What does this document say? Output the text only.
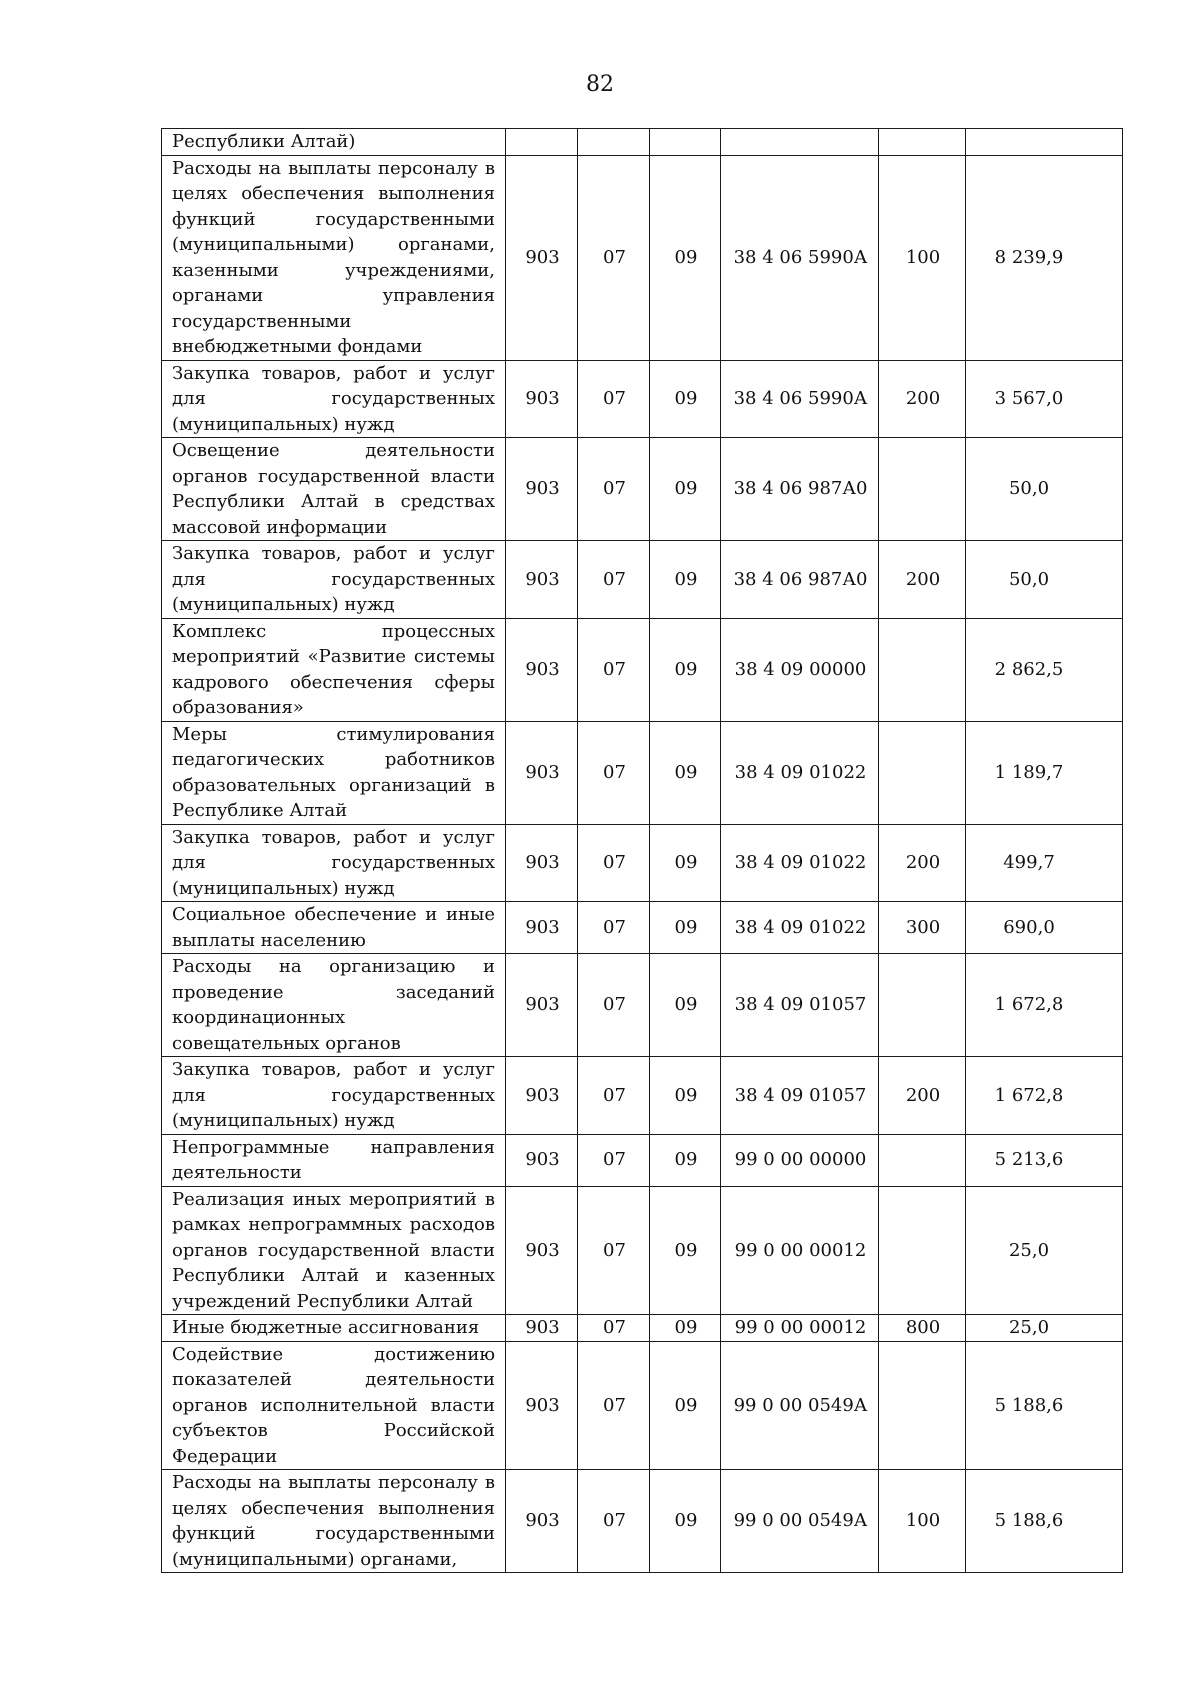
82
Республики Алтай)						
Расходы на выплаты персоналу в целях обеспечения выполнения функций государственными (муниципальными) органами, казенными учреждениями, органами управления государственными внебюджетными фондами	903	07	09	38 4 06 5990А	100	8 239,9
Закупка товаров, работ и услуг для государственных (муниципальных) нужд	903	07	09	38 4 06 5990А	200	3 567,0
Освещение деятельности органов государственной власти Республики Алтай в средствах массовой информации	903	07	09	38 4 06 987А0		50,0
Закупка товаров, работ и услуг для государственных (муниципальных) нужд	903	07	09	38 4 06 987А0	200	50,0
Комплекс процессных мероприятий «Развитие системы кадрового обеспечения сферы образования»	903	07	09	38 4 09 00000		2 862,5
Меры стимулирования педагогических работников образовательных организаций в Республике Алтай	903	07	09	38 4 09 01022		1 189,7
Закупка товаров, работ и услуг для государственных (муниципальных) нужд	903	07	09	38 4 09 01022	200	499,7
Социальное обеспечение и иные выплаты населению	903	07	09	38 4 09 01022	300	690,0
Расходы на организацию и проведение заседаний координационных совещательных органов	903	07	09	38 4 09 01057		1 672,8
Закупка товаров, работ и услуг для государственных (муниципальных) нужд	903	07	09	38 4 09 01057	200	1 672,8
Непрограммные направления деятельности	903	07	09	99 0 00 00000		5 213,6
Реализация иных мероприятий в рамках непрограммных расходов органов государственной власти Республики Алтай и казенных учреждений Республики Алтай	903	07	09	99 0 00 00012		25,0
Иные бюджетные ассигнования	903	07	09	99 0 00 00012	800	25,0
Содействие достижению показателей деятельности органов исполнительной власти субъектов Российской Федерации	903	07	09	99 0 00 0549А		5 188,6
Расходы на выплаты персоналу в целях обеспечения выполнения функций государственными (муниципальными) органами,	903	07	09	99 0 00 0549А	100	5 188,6
